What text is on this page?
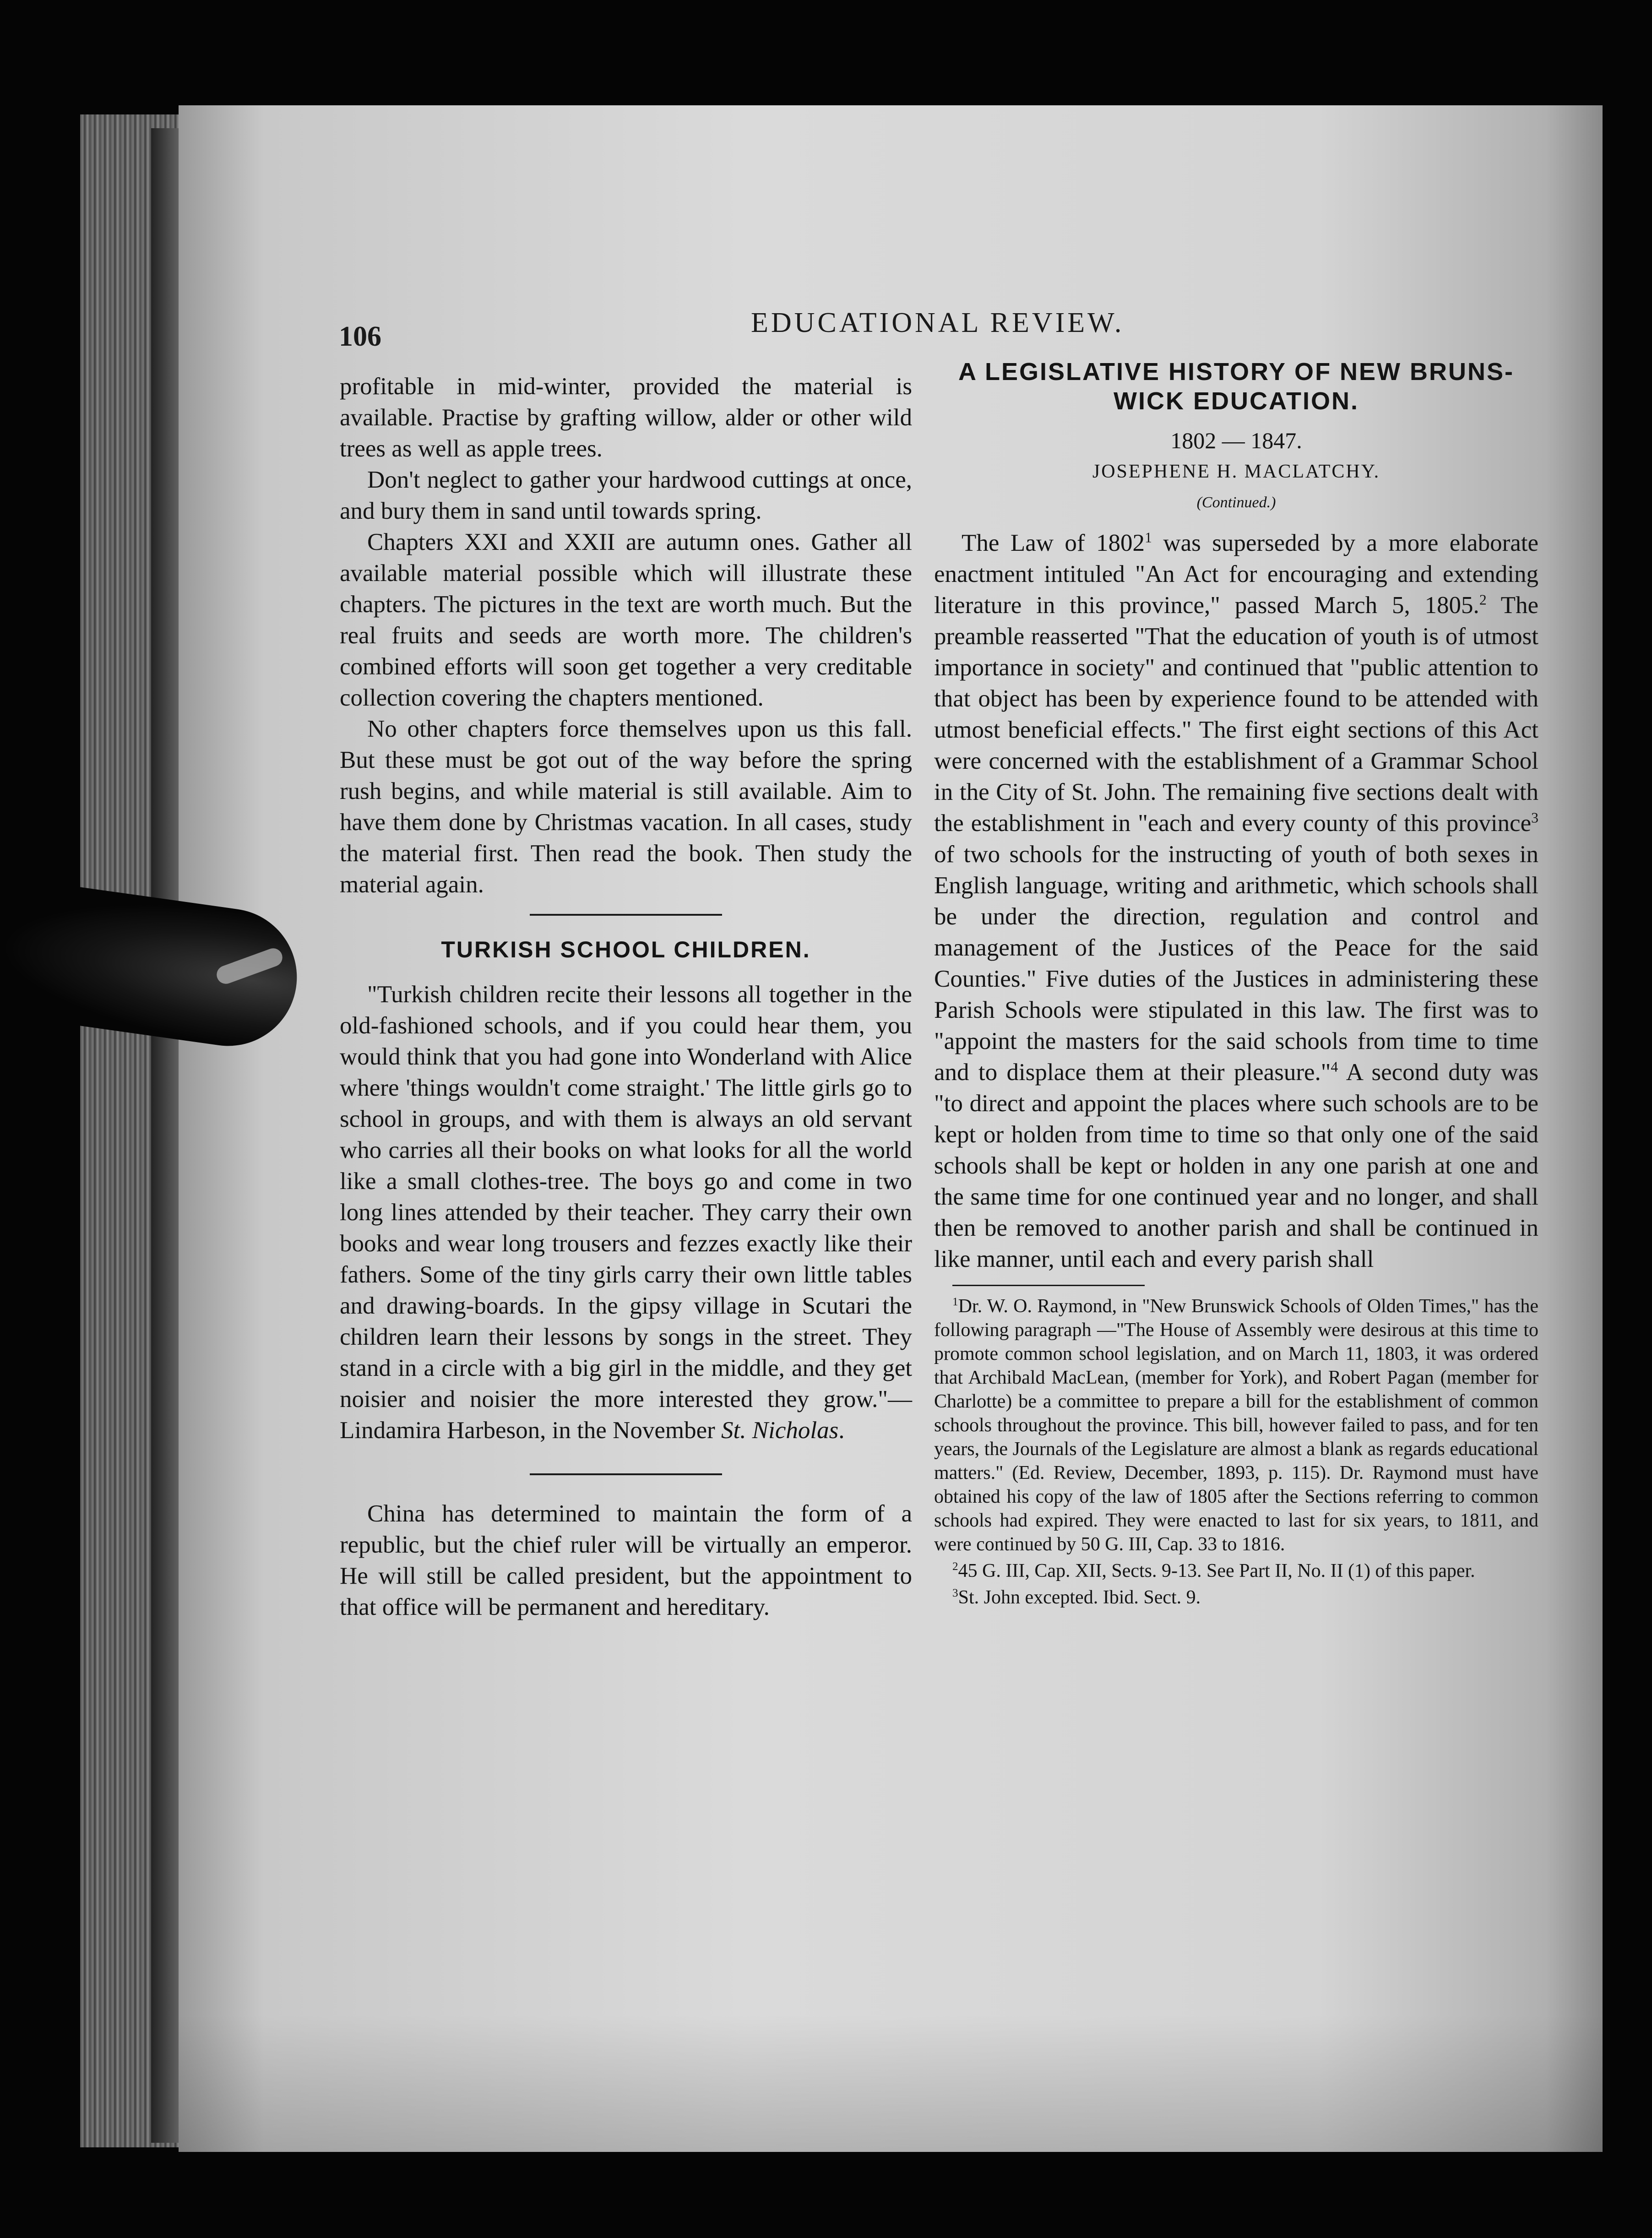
106	EDUCATIONAL REVIEW.

profitable in mid-winter, provided the material is available. Practise by grafting willow, alder or other wild trees as well as apple trees.

Don't neglect to gather your hardwood cuttings at once, and bury them in sand until towards spring.

Chapters XXI and XXII are autumn ones. Gather all available material possible which will illustrate these chapters. The pictures in the text are worth much. But the real fruits and seeds are worth more. The children's combined efforts will soon get together a very creditable collection covering the chapters mentioned.

No other chapters force themselves upon us this fall. But these must be got out of the way before the spring rush begins, and while material is still available. Aim to have them done by Christmas vacation. In all cases, study the material first. Then read the book. Then study the material again.

TURKISH SCHOOL CHILDREN.

"Turkish children recite their lessons all together in the old-fashioned schools, and if you could hear them, you would think that you had gone into Wonderland with Alice where 'things wouldn't come straight.' The little girls go to school in groups, and with them is always an old servant who carries all their books on what looks for all the world like a small clothes-tree. The boys go and come in two long lines attended by their teacher. They carry their own books and wear long trousers and fezzes exactly like their fathers. Some of the tiny girls carry their own little tables and drawing-boards. In the gipsy village in Scutari the children learn their lessons by songs in the street. They stand in a circle with a big girl in the middle, and they get noisier and noisier the more interested they grow."— Lindamira Harbeson, in the November St. Nicholas.

China has determined to maintain the form of a republic, but the chief ruler will be virtually an emperor. He will still be called president, but the appointment to that office will be permanent and hereditary.

A LEGISLATIVE HISTORY OF NEW BRUNS-
WICK EDUCATION.
1802 — 1847.
JOSEPHENE H. MACLATCHY.
(Continued.)

The Law of 1802$^1$ was superseded by a more elaborate enactment intituled "An Act for encouraging and extending literature in this province," passed March 5, 1805.$^2$ The preamble reasserted "That the education of youth is of utmost importance in society" and continued that "public attention to that object has been by experience found to be attended with utmost beneficial effects." The first eight sections of this Act were concerned with the establishment of a Grammar School in the City of St. John. The remaining five sections dealt with the establishment in "each and every county of this province$^3$ of two schools for the instructing of youth of both sexes in English language, writing and arithmetic, which schools shall be under the direction, regulation and control and management of the Justices of the Peace for the said Counties." Five duties of the Justices in administering these Parish Schools were stipulated in this law. The first was to "appoint the masters for the said schools from time to time and to displace them at their pleasure."$^4$ A second duty was "to direct and appoint the places where such schools are to be kept or holden from time to time so that only one of the said schools shall be kept or holden in any one parish at one and the same time for one continued year and no longer, and shall then be removed to another parish and shall be continued in like manner, until each and every parish shall

$^1$Dr. W. O. Raymond, in "New Brunswick Schools of Olden Times," has the following paragraph —"The House of Assembly were desirous at this time to promote common school legislation, and on March 11, 1803, it was ordered that Archibald MacLean, (member for York), and Robert Pagan (member for Charlotte) be a committee to prepare a bill for the establishment of common schools throughout the province. This bill, however failed to pass, and for ten years, the Journals of the Legislature are almost a blank as regards educational matters." (Ed. Review, December, 1893, p. 115). Dr. Raymond must have obtained his copy of the law of 1805 after the Sections referring to common schools had expired. They were enacted to last for six years, to 1811, and were continued by 50 G. III, Cap. 33 to 1816.

$^2$45 G. III, Cap. XII, Sects. 9-13. See Part II, No. II (1) of this paper.

$^3$St. John excepted. Ibid. Sect. 9.
